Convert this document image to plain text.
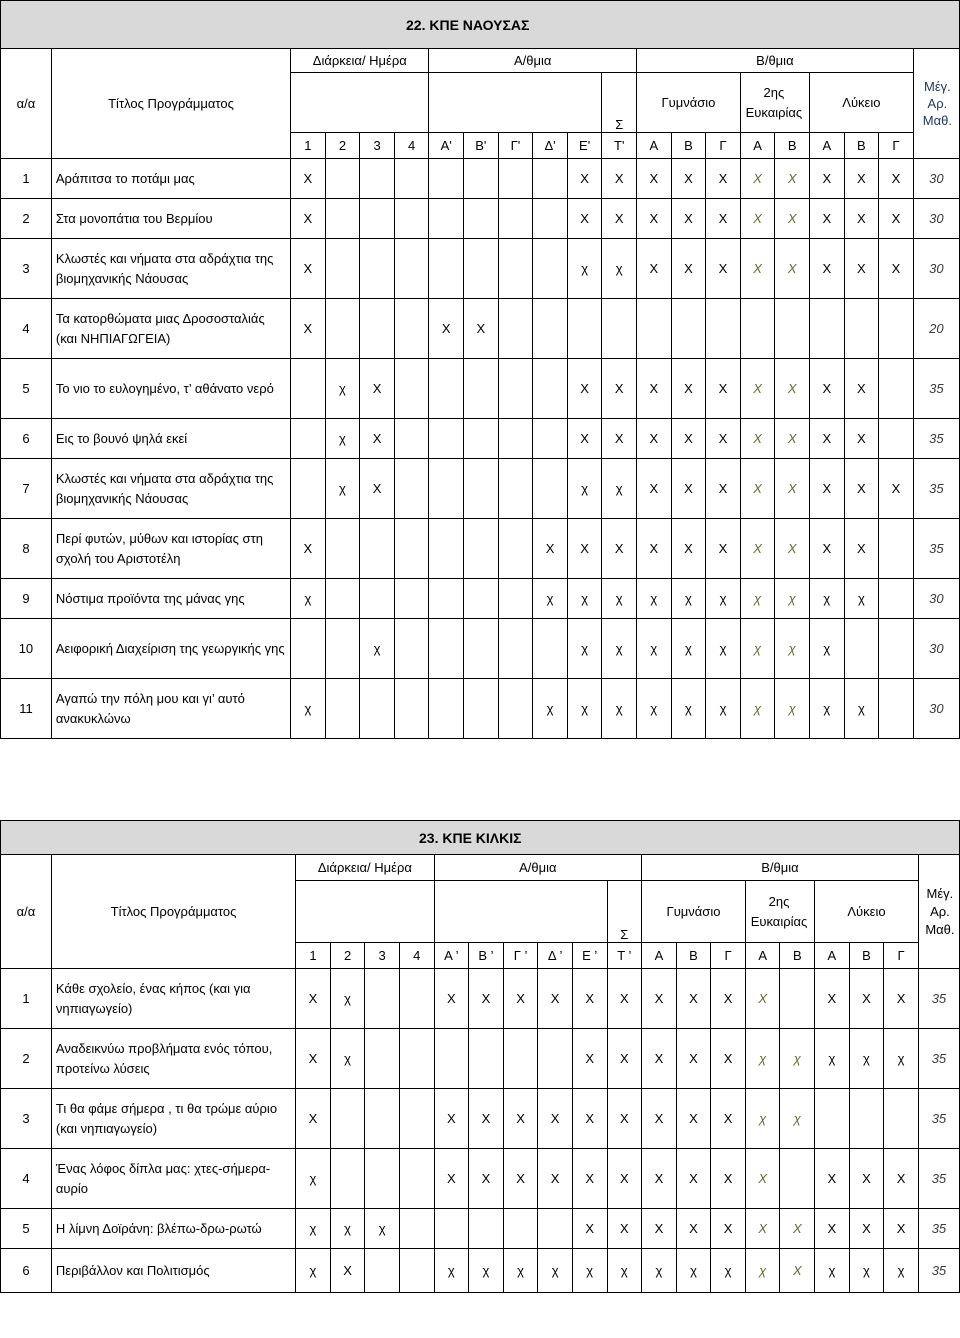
22. ΚΠΕ ΝΑΟΥΣΑΣ																				
α/α	Τίτλος Προγράμματος	Διάρκεια/ Ημέρα				Α/θμια						Β/θμια								Μέγ. Αρ. Μαθ.
											Σ	Γυμνάσιο			2ης Ευκαιρίας		Λύκειο			
		1	2	3	4	Α'	Β'	Γ'	Δ'	Ε'	Τ'	Α	Β	Γ	Α	Β	Α	Β	Γ	
1	Αράπιτσα το ποτάμι μας	Χ								Χ	Χ	Χ	Χ	Χ	Χ	Χ	Χ	Χ	Χ	30
2	Στα μονοπάτια του Βερμίου	Χ								Χ	Χ	Χ	Χ	Χ	Χ	Χ	Χ	Χ	Χ	30
3	Κλωστές και νήματα στα αδράχτια της βιομηχανικής Νάουσας	Χ								χ	χ	Χ	Χ	Χ	Χ	Χ	Χ	Χ	Χ	30
4	Τα κατορθώματα μιας Δροσοσταλιάς (και ΝΗΠΙΑΓΩΓΕΙΑ)	Χ				Χ	Χ													20
5	Το νιο το ευλογημένο, τ’ αθάνατο νερό		χ	Χ						Χ	Χ	Χ	Χ	Χ	Χ	Χ	Χ	Χ		35
6	Εις το βουνό ψηλά εκεί		χ	Χ						Χ	Χ	Χ	Χ	Χ	Χ	Χ	Χ	Χ		35
7	Κλωστές και νήματα στα αδράχτια της βιομηχανικής Νάουσας		χ	Χ						χ	χ	Χ	Χ	Χ	Χ	Χ	Χ	Χ	Χ	35
8	Περί φυτών, μύθων και ιστορίας στη σχολή του Αριστοτέλη	Χ							Χ	Χ	Χ	Χ	Χ	Χ	Χ	Χ	Χ	Χ		35
9	Νόστιμα προϊόντα της μάνας γης	χ							χ	χ	χ	χ	χ	χ	χ	χ	χ	χ		30
10	Αειφορική Διαχείριση της γεωργικής γης			χ						χ	χ	χ	χ	χ	χ	χ	χ			30
11	Αγαπώ την πόλη μου και γι’ αυτό ανακυκλώνω	χ							χ	χ	χ	χ	χ	χ	χ	χ	χ	χ		30
23. ΚΠΕ ΚΙΛΚΙΣ																				
α/α	Τίτλος Προγράμματος	Διάρκεια/ Ημέρα				Α/θμια						Β/θμια								Μέγ. Αρ. Μαθ.
											Σ	Γυμνάσιο			2ης Ευκαιρίας		Λύκειο			
		1	2	3	4	Α ’	Β ’	Γ ’	Δ ’	Ε ’	Τ ’	Α	Β	Γ	Α	Β	Α	Β	Γ	
1	Κάθε σχολείο, ένας κήπος (και για νηπιαγωγείο)	Χ	χ			Χ	Χ	Χ	Χ	Χ	Χ	Χ	Χ	Χ	Χ		Χ	Χ	Χ	35
2	Αναδεικνύω προβλήματα ενός τόπου, προτείνω λύσεις	Χ	χ							Χ	Χ	Χ	Χ	Χ	χ	χ	χ	χ	χ	35
3	Τι θα φάμε σήμερα , τι θα τρώμε αύριο (και νηπιαγωγείο)	Χ				Χ	Χ	Χ	Χ	Χ	Χ	Χ	Χ	Χ	χ	χ				35
4	Ένας λόφος δίπλα μας: χτες-σήμερα-αυρίο	χ				Χ	Χ	Χ	Χ	Χ	Χ	Χ	Χ	Χ	Χ		Χ	Χ	Χ	35
5	Η λίμνη Δοϊράνη: βλέπω-δρω-ρωτώ	χ	χ	χ						Χ	Χ	Χ	Χ	Χ	Χ	Χ	Χ	Χ	Χ	35
6	Περιβάλλον και Πολιτισμός	χ	Χ			χ	χ	χ	χ	χ	χ	χ	χ	χ	χ	Χ	χ	χ	χ	35
